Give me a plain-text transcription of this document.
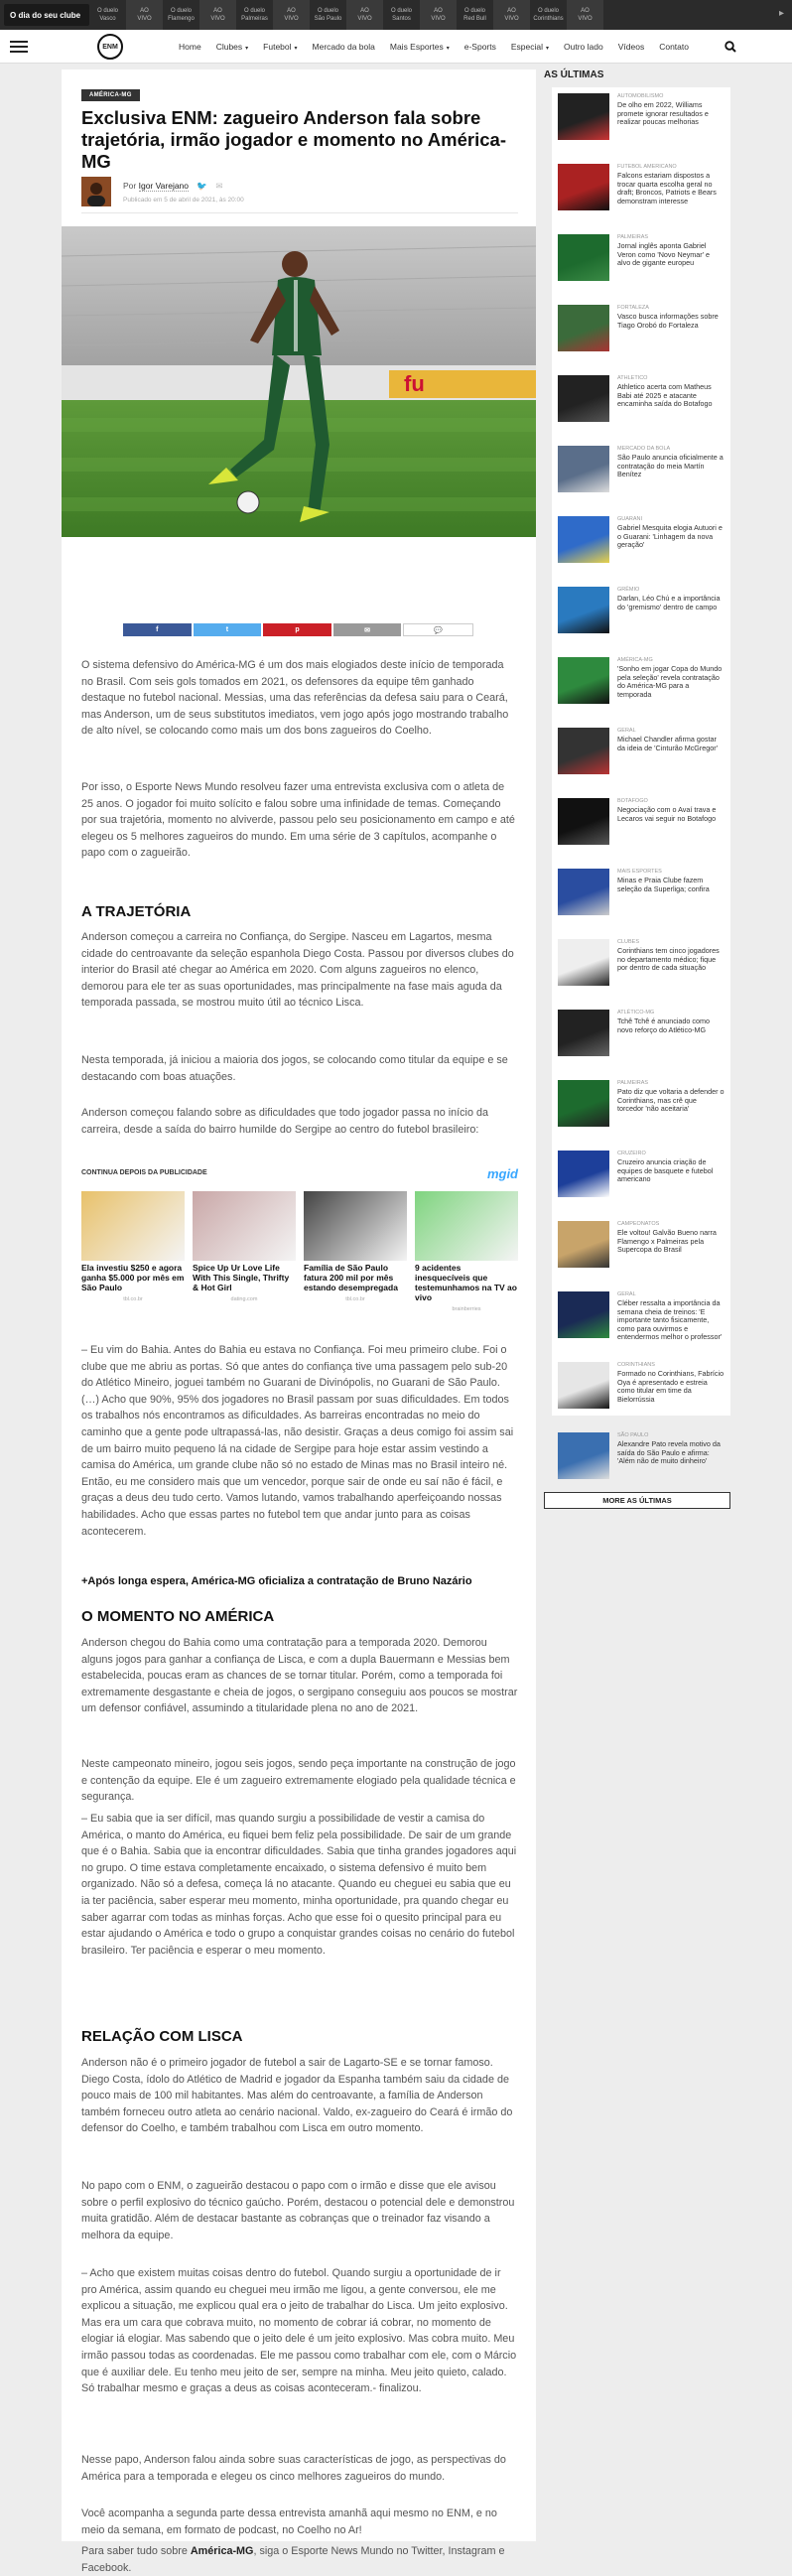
O dia do seu clube	O duelo
Vasco
AO
VIVO
O duelo
Flamengo
AO
VIVO
O duelo
Palmeiras
AO
VIVO
O duelo
São Paulo
AO
VIVO
O duelo
Santos
AO
VIVO
O duelo
Red Bull
AO
VIVO
O duelo
Corinthians
AO
VIVO	▸
ENM	Home Clubes ▾ Futebol ▾ Mercado da bola Mais Esportes ▾ e-Sports Especial ▾ Outro lado Vídeos Contato
AMÉRICA-MG
Exclusiva ENM: zagueiro Anderson fala sobre trajetória, irmão jogador e momento no América-MG
Por Igor Varejano 🐦 ✉
Publicado em 5 de abril de 2021, às 20:00
fu
f	t	p	✉	💬

O sistema defensivo do América-MG é um dos mais elogiados deste início de temporada no Brasil. Com seis gols tomados em 2021, os defensores da equipe têm ganhado destaque no futebol nacional. Messias, uma das referências da defesa saiu para o Ceará, mas Anderson, um de seus substitutos imediatos, vem jogo após jogo mostrando trabalho de alto nível, se colocando como mais um dos bons zagueiros do Coelho.

Por isso, o Esporte News Mundo resolveu fazer uma entrevista exclusiva com o atleta de 25 anos. O jogador foi muito solícito e falou sobre uma infinidade de temas. Começando por sua trajetória, momento no alviverde, passou pelo seu posicionamento em campo e até elegeu os 5 melhores zagueiros do mundo. Em uma série de 3 capítulos, acompanhe o papo com o zagueirão.

A TRAJETÓRIA

Anderson começou a carreira no Confiança, do Sergipe. Nasceu em Lagartos, mesma cidade do centroavante da seleção espanhola Diego Costa. Passou por diversos clubes do interior do Brasil até chegar ao América em 2020. Com alguns zagueiros no elenco, demorou para ele ter as suas oportunidades, mas principalmente na fase mais aguda da temporada passada, se mostrou muito útil ao técnico Lisca.

Nesta temporada, já iniciou a maioria dos jogos, se colocando como titular da equipe e se destacando com boas atuações.

Anderson começou falando sobre as dificuldades que todo jogador passa no início da carreira, desde a saída do bairro humilde do Sergipe ao centro do futebol brasileiro:

CONTINUA DEPOIS DA PUBLICIDADE	mgid
Ela investiu $250 e agora ganha $5.000 por mês em São Paulo
tbl.co.br
Spice Up Ur Love Life With This Single, Thrifty & Hot Girl
dating.com
Família de São Paulo fatura 200 mil por mês estando desempregada
tbl.co.br
9 acidentes inesquecíveis que testemunhamos na TV ao vivo
brainberries

– Eu vim do Bahia. Antes do Bahia eu estava no Confiança. Foi meu primeiro clube. Foi o clube que me abriu as portas. Só que antes do confiança tive uma passagem pelo sub-20 do Atlético Mineiro, joguei também no Guarani de Divinópolis, no Guarani de São Paulo. (…) Acho que 90%, 95% dos jogadores no Brasil passam por suas dificuldades. Em todos os trabalhos nós encontramos as dificuldades. As barreiras encontradas no meio do caminho que a gente pode ultrapassá-las, não desistir. Graças a deus comigo foi assim sai de um bairro muito pequeno lá na cidade de Sergipe para hoje estar assim vestindo a camisa do América, um grande clube não só no estado de Minas mas no Brasil inteiro né. Então, eu me considero mais que um vencedor, porque sair de onde eu saí não é fácil, e graças a deus deu tudo certo. Vamos lutando, vamos trabalhando aperfeiçoando nossas habilidades. Acho que essas partes no futebol tem que andar junto para as coisas acontecerem.

+Após longa espera, América-MG oficializa a contratação de Bruno Nazário

O MOMENTO NO AMÉRICA

Anderson chegou do Bahia como uma contratação para a temporada 2020. Demorou alguns jogos para ganhar a confiança de Lisca, e com a dupla Bauermann e Messias bem estabelecida, poucas eram as chances de se tornar titular. Porém, como a temporada foi extremamente desgastante e cheia de jogos, o sergipano conseguiu aos poucos se mostrar um defensor confiável, assumindo a titularidade plena no ano de 2021.

Neste campeonato mineiro, jogou seis jogos, sendo peça importante na construção de jogo e contenção da equipe. Ele é um zagueiro extremamente elogiado pela qualidade técnica e segurança.

– Eu sabia que ia ser difícil, mas quando surgiu a possibilidade de vestir a camisa do América, o manto do América, eu fiquei bem feliz pela possibilidade. De sair de um grande que é o Bahia. Sabia que ia encontrar dificuldades. Sabia que tinha grandes jogadores aqui no grupo. O time estava completamente encaixado, o sistema defensivo é muito bem organizado. Não só a defesa, começa lá no atacante. Quando eu cheguei eu sabia que eu ia ter paciência, saber esperar meu momento, minha oportunidade, pra quando chegar eu saber agarrar com todas as minhas forças. Acho que esse foi o quesito principal para eu estar ajudando o América e todo o grupo a conquistar grandes coisas no cenário do futebol brasileiro. Ter paciência e esperar o meu momento.

RELAÇÃO COM LISCA

Anderson não é o primeiro jogador de futebol a sair de Lagarto-SE e se tornar famoso. Diego Costa, ídolo do Atlético de Madrid e jogador da Espanha também saiu da cidade de pouco mais de 100 mil habitantes. Mas além do centroavante, a família de Anderson também forneceu outro atleta ao cenário nacional. Valdo, ex-zagueiro do Ceará é irmão do defensor do Coelho, e também trabalhou com Lisca em outro momento.

No papo com o ENM, o zagueirão destacou o papo com o irmão e disse que ele avisou sobre o perfil explosivo do técnico gaúcho. Porém, destacou o potencial dele e demonstrou muita gratidão. Além de destacar bastante as cobranças que o treinador faz visando a melhora da equipe.

– Acho que existem muitas coisas dentro do futebol. Quando surgiu a oportunidade de ir pro América, assim quando eu cheguei meu irmão me ligou, a gente conversou, ele me explicou a situação, me explicou qual era o jeito de trabalhar do Lisca. Um jeito explosivo. Mas era um cara que cobrava muito, no momento de cobrar iá cobrar, no momento de elogiar iá elogiar. Mas sabendo que o jeito dele é um jeito explosivo. Mas cobra muito. Meu irmão passou todas as coordenadas. Ele me passou como trabalhar com ele, com o Márcio que é auxiliar dele. Eu tenho meu jeito de ser, sempre na minha. Meu jeito quieto, calado. Só trabalhar mesmo e graças a deus as coisas aconteceram.- finalizou.

Nesse papo, Anderson falou ainda sobre suas características de jogo, as perspectivas do América para a temporada e elegeu os cinco melhores zagueiros do mundo.

Você acompanha a segunda parte dessa entrevista amanhã aqui mesmo no ENM, e no meio da semana, em formato de podcast, no Coelho no Ar!

Para saber tudo sobre América-MG, siga o Esporte News Mundo no Twitter, Instagram e Facebook.

AS ÚLTIMAS
AUTOMOBILISMO
De olho em 2022, Williams promete ignorar resultados e realizar poucas melhorias
FUTEBOL AMERICANO
Falcons estariam dispostos a trocar quarta escolha geral no draft; Broncos, Patriots e Bears demonstram interesse
PALMEIRAS
Jornal inglês aponta Gabriel Veron como 'Novo Neymar' e alvo de gigante europeu
FORTALEZA
Vasco busca informações sobre Tiago Orobó do Fortaleza
ATHLETICO
Athletico acerta com Matheus Babi até 2025 e atacante encaminha saída do Botafogo
MERCADO DA BOLA
São Paulo anuncia oficialmente a contratação do meia Martín Benítez
GUARANI
Gabriel Mesquita elogia Autuori e o Guarani: 'Linhagem da nova geração'
GRÊMIO
Darlan, Léo Chú e a importância do 'gremismo' dentro de campo
AMÉRICA-MG
'Sonho em jogar Copa do Mundo pela seleção' revela contratação do América-MG para a temporada
GERAL
Michael Chandler afirma gostar da ideia de 'Cinturão McGregor'
BOTAFOGO
Negociação com o Avaí trava e Lecaros vai seguir no Botafogo
MAIS ESPORTES
Minas e Praia Clube fazem seleção da Superliga; confira
CLUBES
Corinthians tem cinco jogadores no departamento médico; fique por dentro de cada situação
ATLÉTICO-MG
Tchê Tchê é anunciado como novo reforço do Atlético-MG
PALMEIRAS
Pato diz que voltaria a defender o Corinthians, mas crê que torcedor 'não aceitaria'
CRUZEIRO
Cruzeiro anuncia criação de equipes de basquete e futebol americano
CAMPEONATOS
Ele voltou! Galvão Bueno narra Flamengo x Palmeiras pela Supercopa do Brasil
GERAL
Cléber ressalta a importância da semana cheia de treinos: 'E importante tanto fisicamente, como para ouvirmos e entendermos melhor o professor'
CORINTHIANS
Formado no Corinthians, Fabrício Oya é apresentado e estreia como titular em time da Bielorrússia
SÃO PAULO
Alexandre Pato revela motivo da saída do São Paulo e afirma: 'Além não de muito dinheiro'
MORE AS ÚLTIMAS
